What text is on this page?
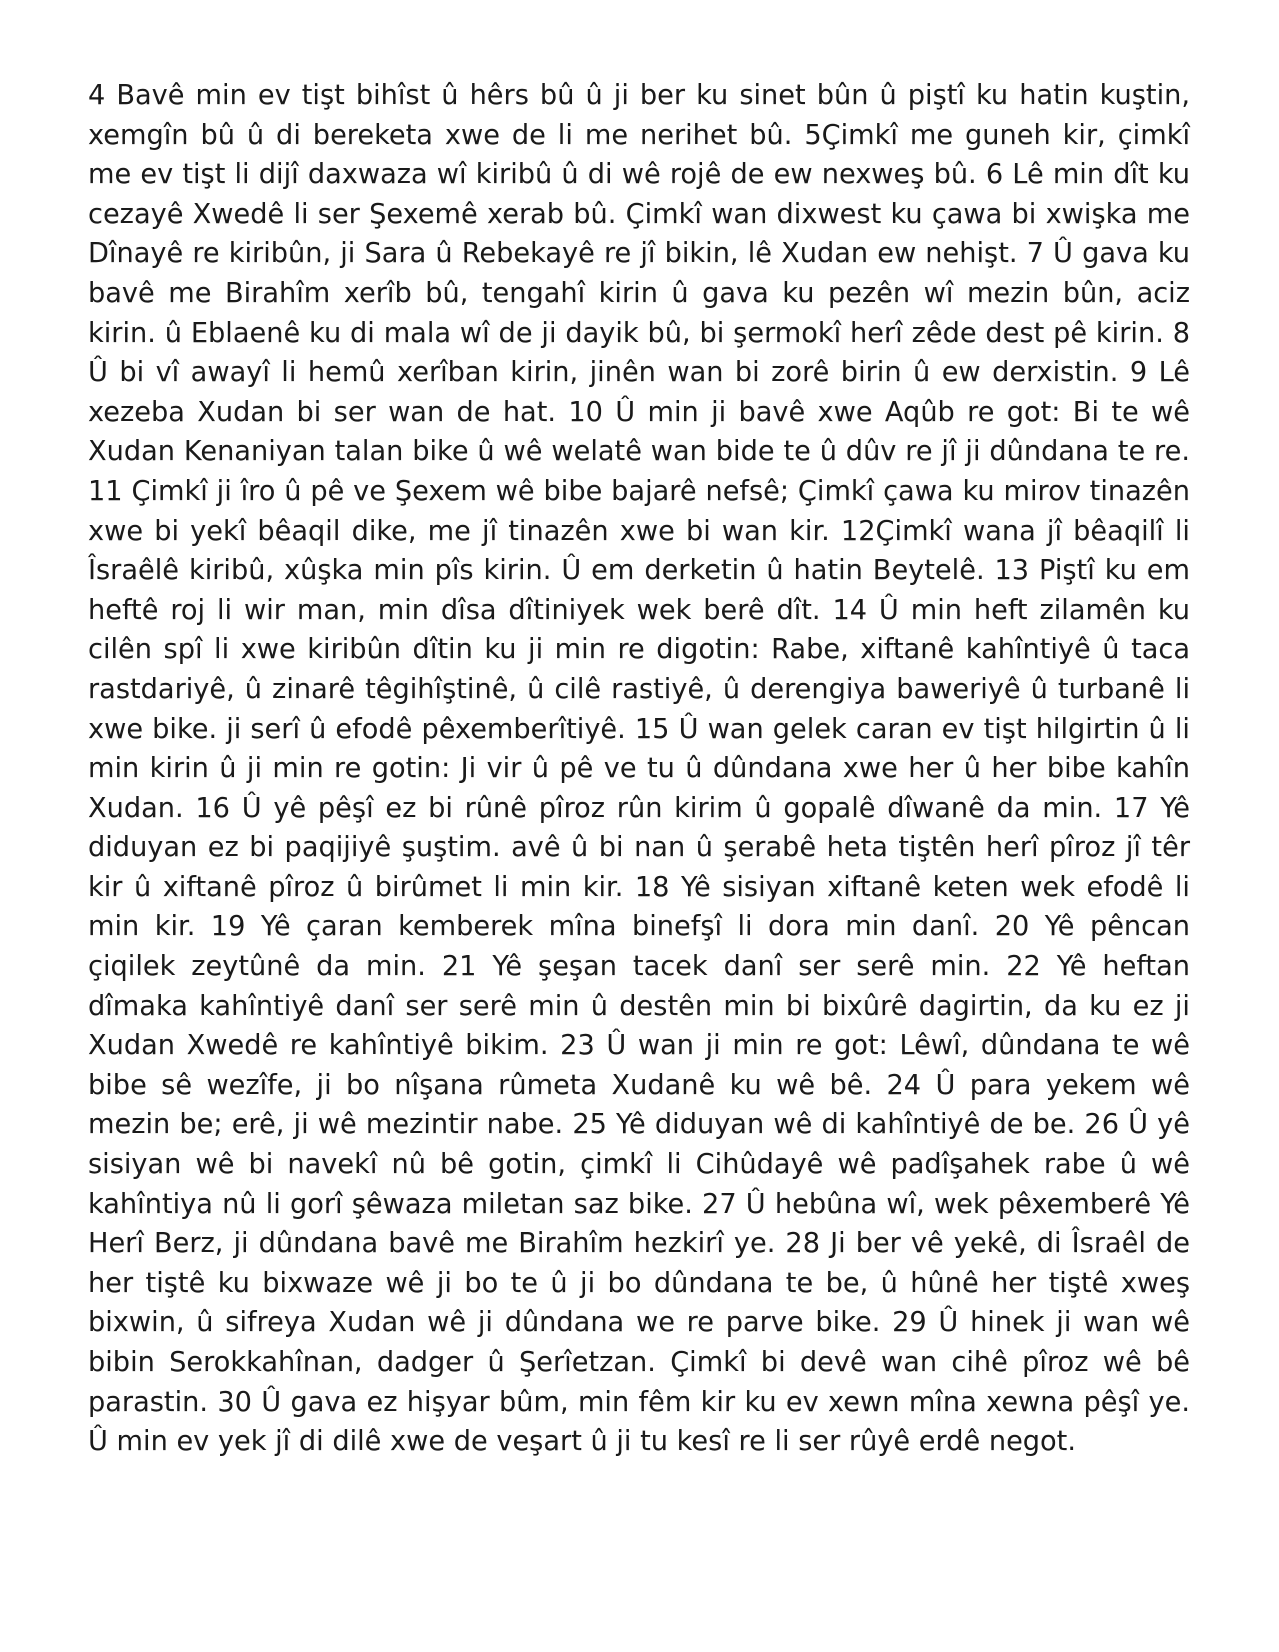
4 Bavê min ev tişt bihîst û hêrs bû û ji ber ku sinet bûn û piştî ku hatin kuştin, xemgîn bû û di bereketa xwe de li me nerihet bû. 5Çimkî me guneh kir, çimkî me ev tişt li dijî daxwaza wî kiribû û di wê rojê de ew nexweş bû. 6 Lê min dît ku cezayê Xwedê li ser Şexemê xerab bû. Çimkî wan dixwest ku çawa bi xwişka me Dînayê re kiribûn, ji Sara û Rebekayê re jî bikin, lê Xudan ew nehişt. 7 Û gava ku bavê me Birahîm xerîb bû, tengahî kirin û gava ku pezên wî mezin bûn, aciz kirin. û Eblaenê ku di mala wî de ji dayik bû, bi şermokî herî zêde dest pê kirin. 8 Û bi vî awayî li hemû xerîban kirin, jinên wan bi zorê birin û ew derxistin. 9 Lê xezeba Xudan bi ser wan de hat. 10 Û min ji bavê xwe Aqûb re got: Bi te wê Xudan Kenaniyan talan bike û wê welatê wan bide te û dûv re jî ji dûndana te re. 11 Çimkî ji îro û pê ve Şexem wê bibe bajarê nefsê; Çimkî çawa ku mirov tinazên xwe bi yekî bêaqil dike, me jî tinazên xwe bi wan kir. 12Çimkî wana jî bêaqilî li Îsraêlê kiribû, xûşka min pîs kirin. Û em derketin û hatin Beytelê. 13 Piştî ku em heftê roj li wir man, min dîsa dîtiniyek wek berê dît. 14 Û min heft zilamên ku cilên spî li xwe kiribûn dîtin ku ji min re digotin: Rabe, xiftanê kahîntiyê û taca rastdariyê, û zinarê têgihîştinê, û cilê rastiyê, û derengiya baweriyê û turbanê li xwe bike. ji serî û efodê pêxemberîtiyê. 15 Û wan gelek caran ev tişt hilgirtin û li min kirin û ji min re gotin: Ji vir û pê ve tu û dûndana xwe her û her bibe kahîn Xudan. 16 Û yê pêşî ez bi rûnê pîroz rûn kirim û gopalê dîwanê da min. 17 Yê diduyan ez bi paqijiyê şuştim. avê û bi nan û şerabê heta tiştên herî pîroz jî têr kir û xiftanê pîroz û birûmet li min kir. 18 Yê sisiyan xiftanê keten wek efodê li min kir. 19 Yê çaran kemberek mîna binefşî li dora min danî. 20 Yê pêncan çiqilek zeytûnê da min. 21 Yê şeşan tacek danî ser serê min. 22 Yê heftan dîmaka kahîntiyê danî ser serê min û destên min bi bixûrê dagirtin, da ku ez ji Xudan Xwedê re kahîntiyê bikim. 23 Û wan ji min re got: Lêwî, dûndana te wê bibe sê wezîfe, ji bo nîşana rûmeta Xudanê ku wê bê. 24 Û para yekem wê mezin be; erê, ji wê mezintir nabe. 25 Yê diduyan wê di kahîntiyê de be. 26 Û yê sisiyan wê bi navekî nû bê gotin, çimkî li Cihûdayê wê padîşahek rabe û wê kahîntiya nû li gorî şêwaza miletan saz bike. 27 Û hebûna wî, wek pêxemberê Yê Herî Berz, ji dûndana bavê me Birahîm hezkirî ye. 28 Ji ber vê yekê, di Îsraêl de her tiştê ku bixwaze wê ji bo te û ji bo dûndana te be, û hûnê her tiştê xweş bixwin, û sifreya Xudan wê ji dûndana we re parve bike. 29 Û hinek ji wan wê bibin Serokkahînan, dadger û Şerîetzan. Çimkî bi devê wan cihê pîroz wê bê parastin. 30 Û gava ez hişyar bûm, min fêm kir ku ev xewn mîna xewna pêşî ye. Û min ev yek jî di dilê xwe de veşart û ji tu kesî re li ser rûyê erdê negot.
